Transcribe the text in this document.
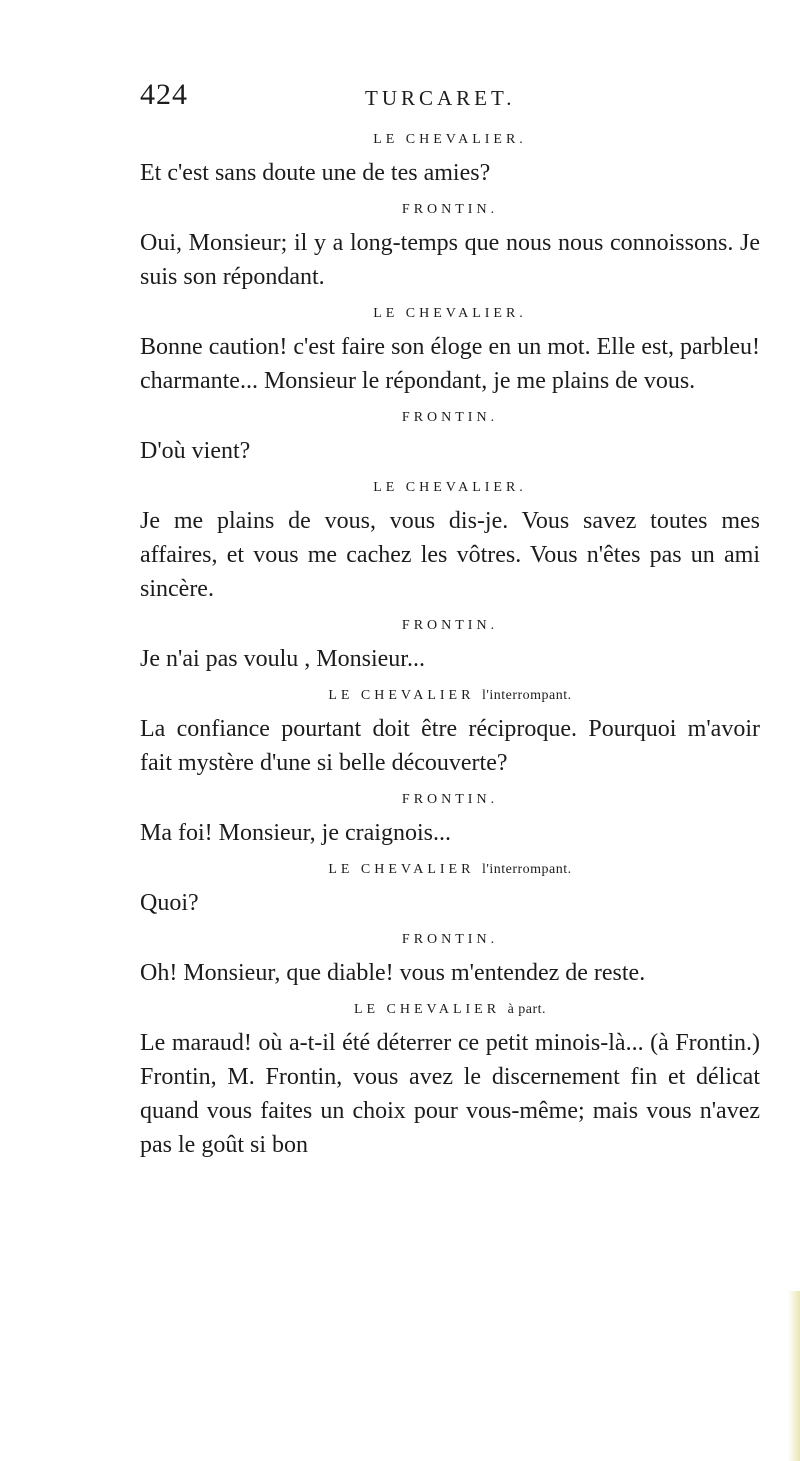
424	TURCARET.
LE CHEVALIER.

Et c'est sans doute une de tes amies?

FRONTIN.

Oui, Monsieur; il y a long-temps que nous nous connoissons. Je suis son répondant.

LE CHEVALIER.

Bonne caution! c'est faire son éloge en un mot. Elle est, parbleu! charmante... Monsieur le répondant, je me plains de vous.

FRONTIN.

D'où vient?

LE CHEVALIER.

Je me plains de vous, vous dis-je. Vous savez toutes mes affaires, et vous me cachez les vôtres. Vous n'êtes pas un ami sincère.

FRONTIN.

Je n'ai pas voulu , Monsieur...

LE CHEVALIER l'interrompant.

La confiance pourtant doit être réciproque. Pourquoi m'avoir fait mystère d'une si belle découverte?

FRONTIN.

Ma foi! Monsieur, je craignois...

LE CHEVALIER l'interrompant.

Quoi?

FRONTIN.

Oh! Monsieur, que diable! vous m'entendez de reste.

LE CHEVALIER à part.

Le maraud! où a-t-il été déterrer ce petit minois-là... (à Frontin.) Frontin, M. Frontin, vous avez le discernement fin et délicat quand vous faites un choix pour vous-même; mais vous n'avez pas le goût si bon
